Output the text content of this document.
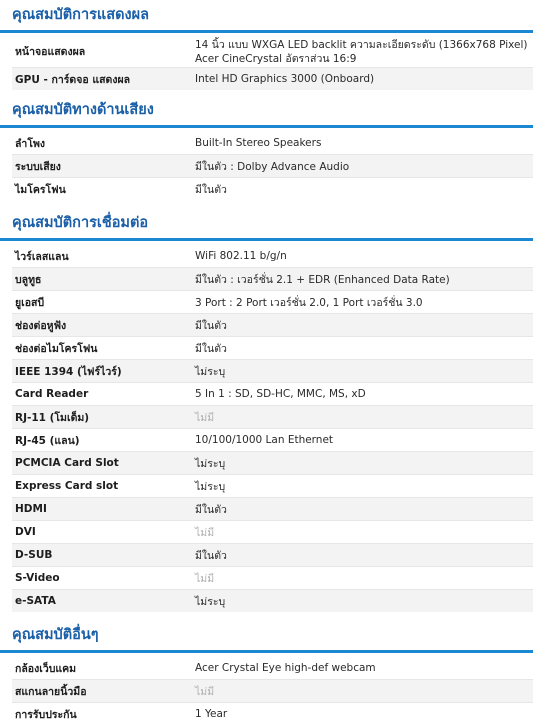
คุณสมบัติการแสดงผล
หน้าจอแสดงผล	14 นิ้ว แบบ WXGA LED backlit ความละเอียดระดับ (1366x768 Pixel) Acer CineCrystal อัตราส่วน 16:9
GPU - การ์ดจอ แสดงผล	Intel HD Graphics 3000 (Onboard)
คุณสมบัติทางด้านเสียง
ลำโพง	Built-In Stereo Speakers
ระบบเสียง	มีในตัว : Dolby Advance Audio
ไมโครโฟน	มีในตัว
คุณสมบัติการเชื่อมต่อ
ไวร์เลสแลน	WiFi 802.11 b/g/n
บลูทูธ	มีในตัว : เวอร์ชั่น 2.1 + EDR (Enhanced Data Rate)
ยูเอสบี	3 Port : 2 Port เวอร์ชั่น 2.0, 1 Port เวอร์ชั่น 3.0
ช่องต่อหูฟัง	มีในตัว
ช่องต่อไมโครโฟน	มีในตัว
IEEE 1394 (ไฟร์ไวร์)	ไม่ระบุ
Card Reader	5 In 1 : SD, SD-HC, MMC, MS, xD
RJ-11 (โมเด็ม)	ไม่มี
RJ-45 (แลน)	10/100/1000 Lan Ethernet
PCMCIA Card Slot	ไม่ระบุ
Express Card slot	ไม่ระบุ
HDMI	มีในตัว
DVI	ไม่มี
D-SUB	มีในตัว
S-Video	ไม่มี
e-SATA	ไม่ระบุ
คุณสมบัติอื่นๆ
กล้องเว็บแคม	Acer Crystal Eye high-def webcam
สแกนลายนิ้วมือ	ไม่มี
การรับประกัน	1 Year
